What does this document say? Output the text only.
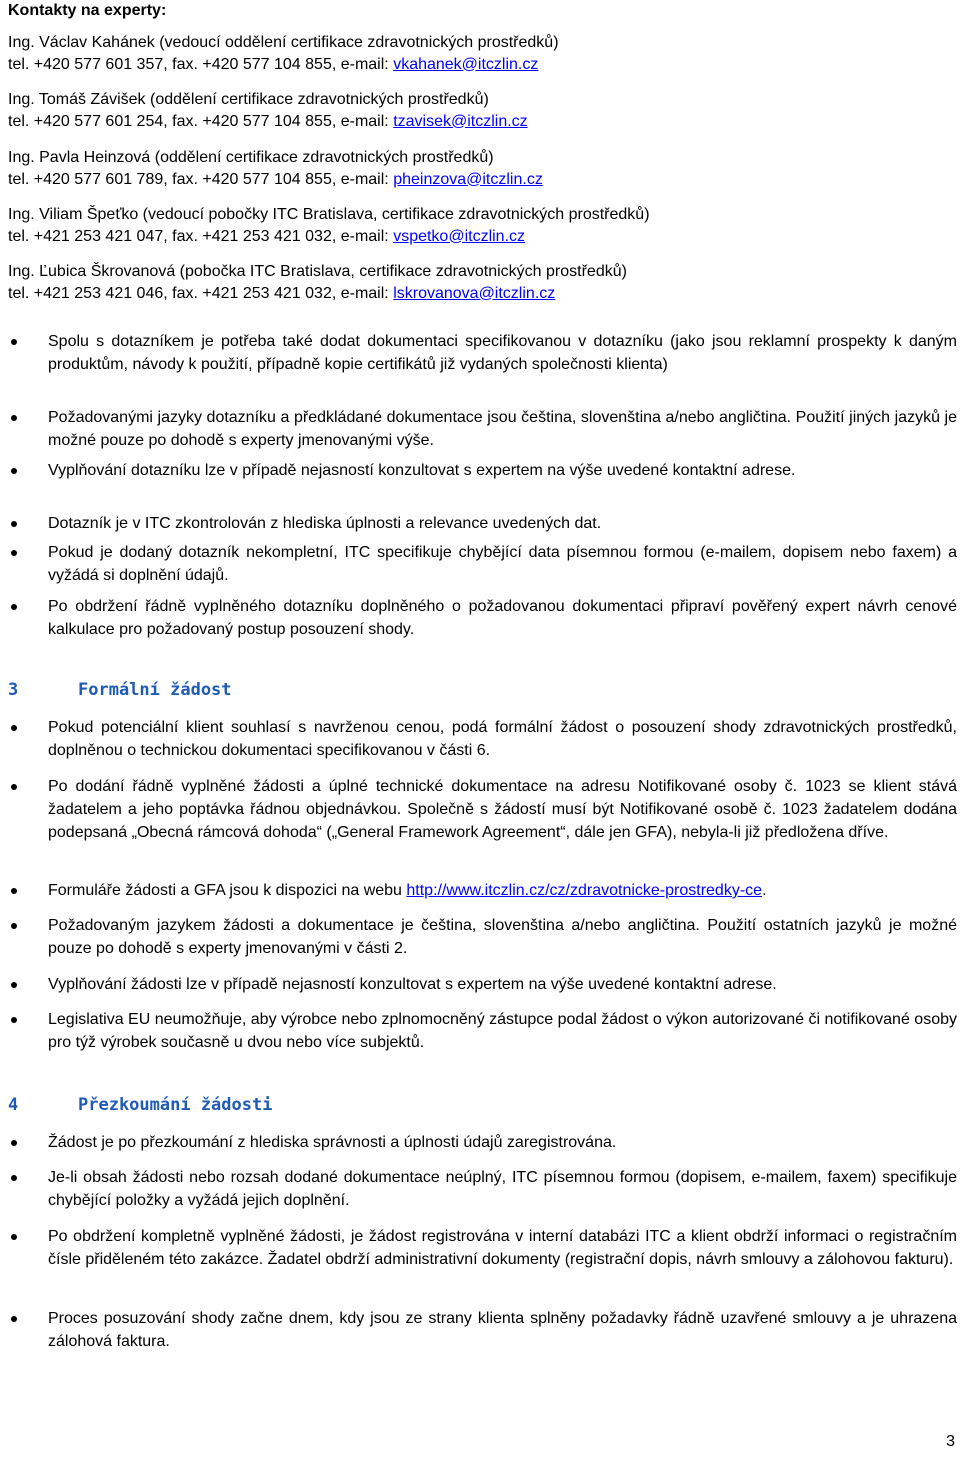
Kontakty na experty:
Ing. Václav Kahánek (vedoucí oddělení certifikace zdravotnických prostředků)
tel. +420 577 601 357, fax. +420 577 104 855, e-mail: vkahanek@itczlin.cz
Ing. Tomáš Závišek (oddělení certifikace zdravotnických prostředků)
tel. +420 577 601 254, fax. +420 577 104 855, e-mail: tzavisek@itczlin.cz
Ing. Pavla Heinzová (oddělení certifikace zdravotnických prostředků)
tel. +420 577 601 789, fax. +420 577 104 855, e-mail: pheinzova@itczlin.cz
Ing. Viliam Špeťko (vedoucí pobočky ITC Bratislava, certifikace zdravotnických prostředků)
tel. +421 253 421 047, fax. +421 253 421 032, e-mail: vspetko@itczlin.cz
Ing. Ľubica Škrovanová (pobočka ITC Bratislava, certifikace zdravotnických prostředků)
tel. +421 253 421 046, fax. +421 253 421 032, e-mail: lskrovanova@itczlin.cz
Spolu s dotazníkem je potřeba také dodat dokumentaci specifikovanou v dotazníku (jako jsou reklamní prospekty k daným produktům, návody k použití, případně kopie certifikátů již vydaných společnosti klienta)
Požadovanými jazyky dotazníku a předkládané dokumentace jsou čeština, slovenština a/nebo angličtina. Použití jiných jazyků je možné pouze po dohodě s experty jmenovanými výše.
Vyplňování dotazníku lze v případě nejasností konzultovat s expertem na výše uvedené kontaktní adrese.
Dotazník je v ITC zkontrolován z hlediska úplnosti a relevance uvedených dat.
Pokud je dodaný dotazník nekompletní, ITC specifikuje chybějící data písemnou formou (e-mailem, dopisem nebo faxem) a vyžádá si doplnění údajů.
Po obdržení řádně vyplněného dotazníku doplněného o požadovanou dokumentaci připraví pověřený expert návrh cenové kalkulace pro požadovaný postup posouzení shody.
3	Formální žádost
Pokud potenciální klient souhlasí s navrženou cenou, podá formální žádost o posouzení shody zdravotnických prostředků, doplněnou o technickou dokumentaci specifikovanou v části 6.
Po dodání řádně vyplněné žádosti a úplné technické dokumentace na adresu Notifikované osoby č. 1023 se klient stává žadatelem a jeho poptávka řádnou objednávkou. Společně s žádostí musí být Notifikované osobě č. 1023 žadatelem dodána podepsaná „Obecná rámcová dohoda“ („General Framework Agreement“, dále jen GFA), nebyla-li již předložena dříve.
Formuláře žádosti a GFA jsou k dispozici na webu http://www.itczlin.cz/cz/zdravotnicke-prostredky-ce.
Požadovaným jazykem žádosti a dokumentace je čeština, slovenština a/nebo angličtina. Použití ostatních jazyků je možné pouze po dohodě s experty jmenovanými v části 2.
Vyplňování žádosti lze v případě nejasností konzultovat s expertem na výše uvedené kontaktní adrese.
Legislativa EU neumožňuje, aby výrobce nebo zplnomocněný zástupce podal žádost o výkon autorizované či notifikované osoby pro týž výrobek současně u dvou nebo více subjektů.
4	Přezkoumání žádosti
Žádost je po přezkoumání z hlediska správnosti a úplnosti údajů zaregistrována.
Je-li obsah žádosti nebo rozsah dodané dokumentace neúplný, ITC písemnou formou (dopisem, e-mailem, faxem) specifikuje chybějící položky a vyžádá jejich doplnění.
Po obdržení kompletně vyplněné žádosti, je žádost registrována v interní databázi ITC a klient obdrží informaci o registračním čísle přiděleném této zakázce. Žadatel obdrží administrativní dokumenty (registrační dopis, návrh smlouvy a zálohovou fakturu).
Proces posuzování shody začne dnem, kdy jsou ze strany klienta splněny požadavky řádně uzavřené smlouvy a je uhrazena zálohová faktura.
3
